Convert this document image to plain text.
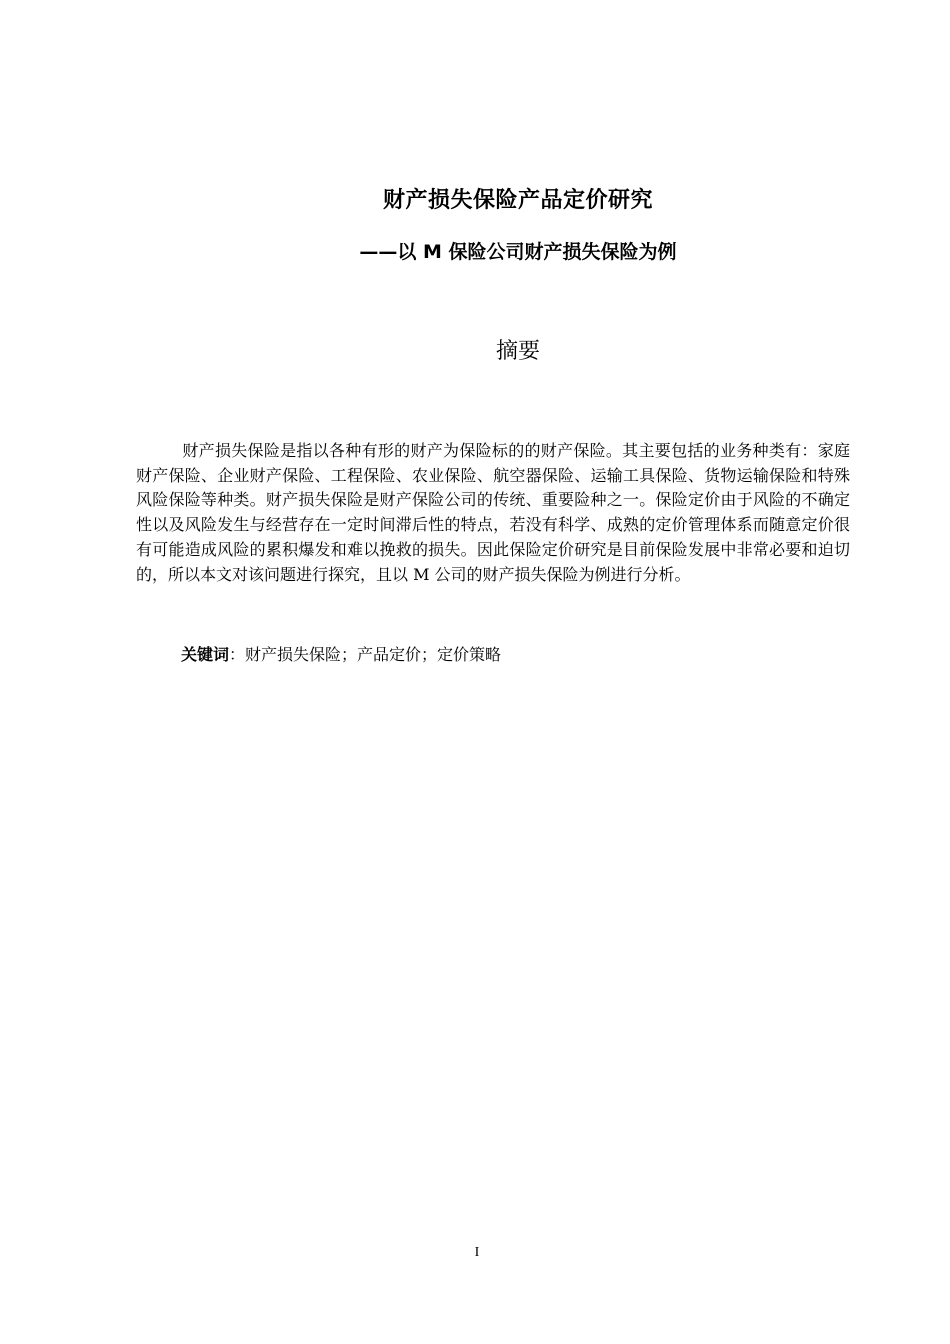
财产损失保险产品定价研究
——以 M 保险公司财产损失保险为例
摘要

财产损失保险是指以各种有形的财产为保险标的的财产保险。其主要包括的业务种类有：家庭财产保险、企业财产保险、工程保险、农业保险、航空器保险、运输工具保险、货物运输保险和特殊风险保险等种类。财产损失保险是财产保险公司的传统、重要险种之一。保险定价由于风险的不确定性以及风险发生与经营存在一定时间滞后性的特点，若没有科学、成熟的定价管理体系而随意定价很有可能造成风险的累积爆发和难以挽救的损失。因此保险定价研究是目前保险发展中非常必要和迫切的，所以本文对该问题进行探究，且以 M 公司的财产损失保险为例进行分析。

关键词：财产损失保险；产品定价；定价策略
I
